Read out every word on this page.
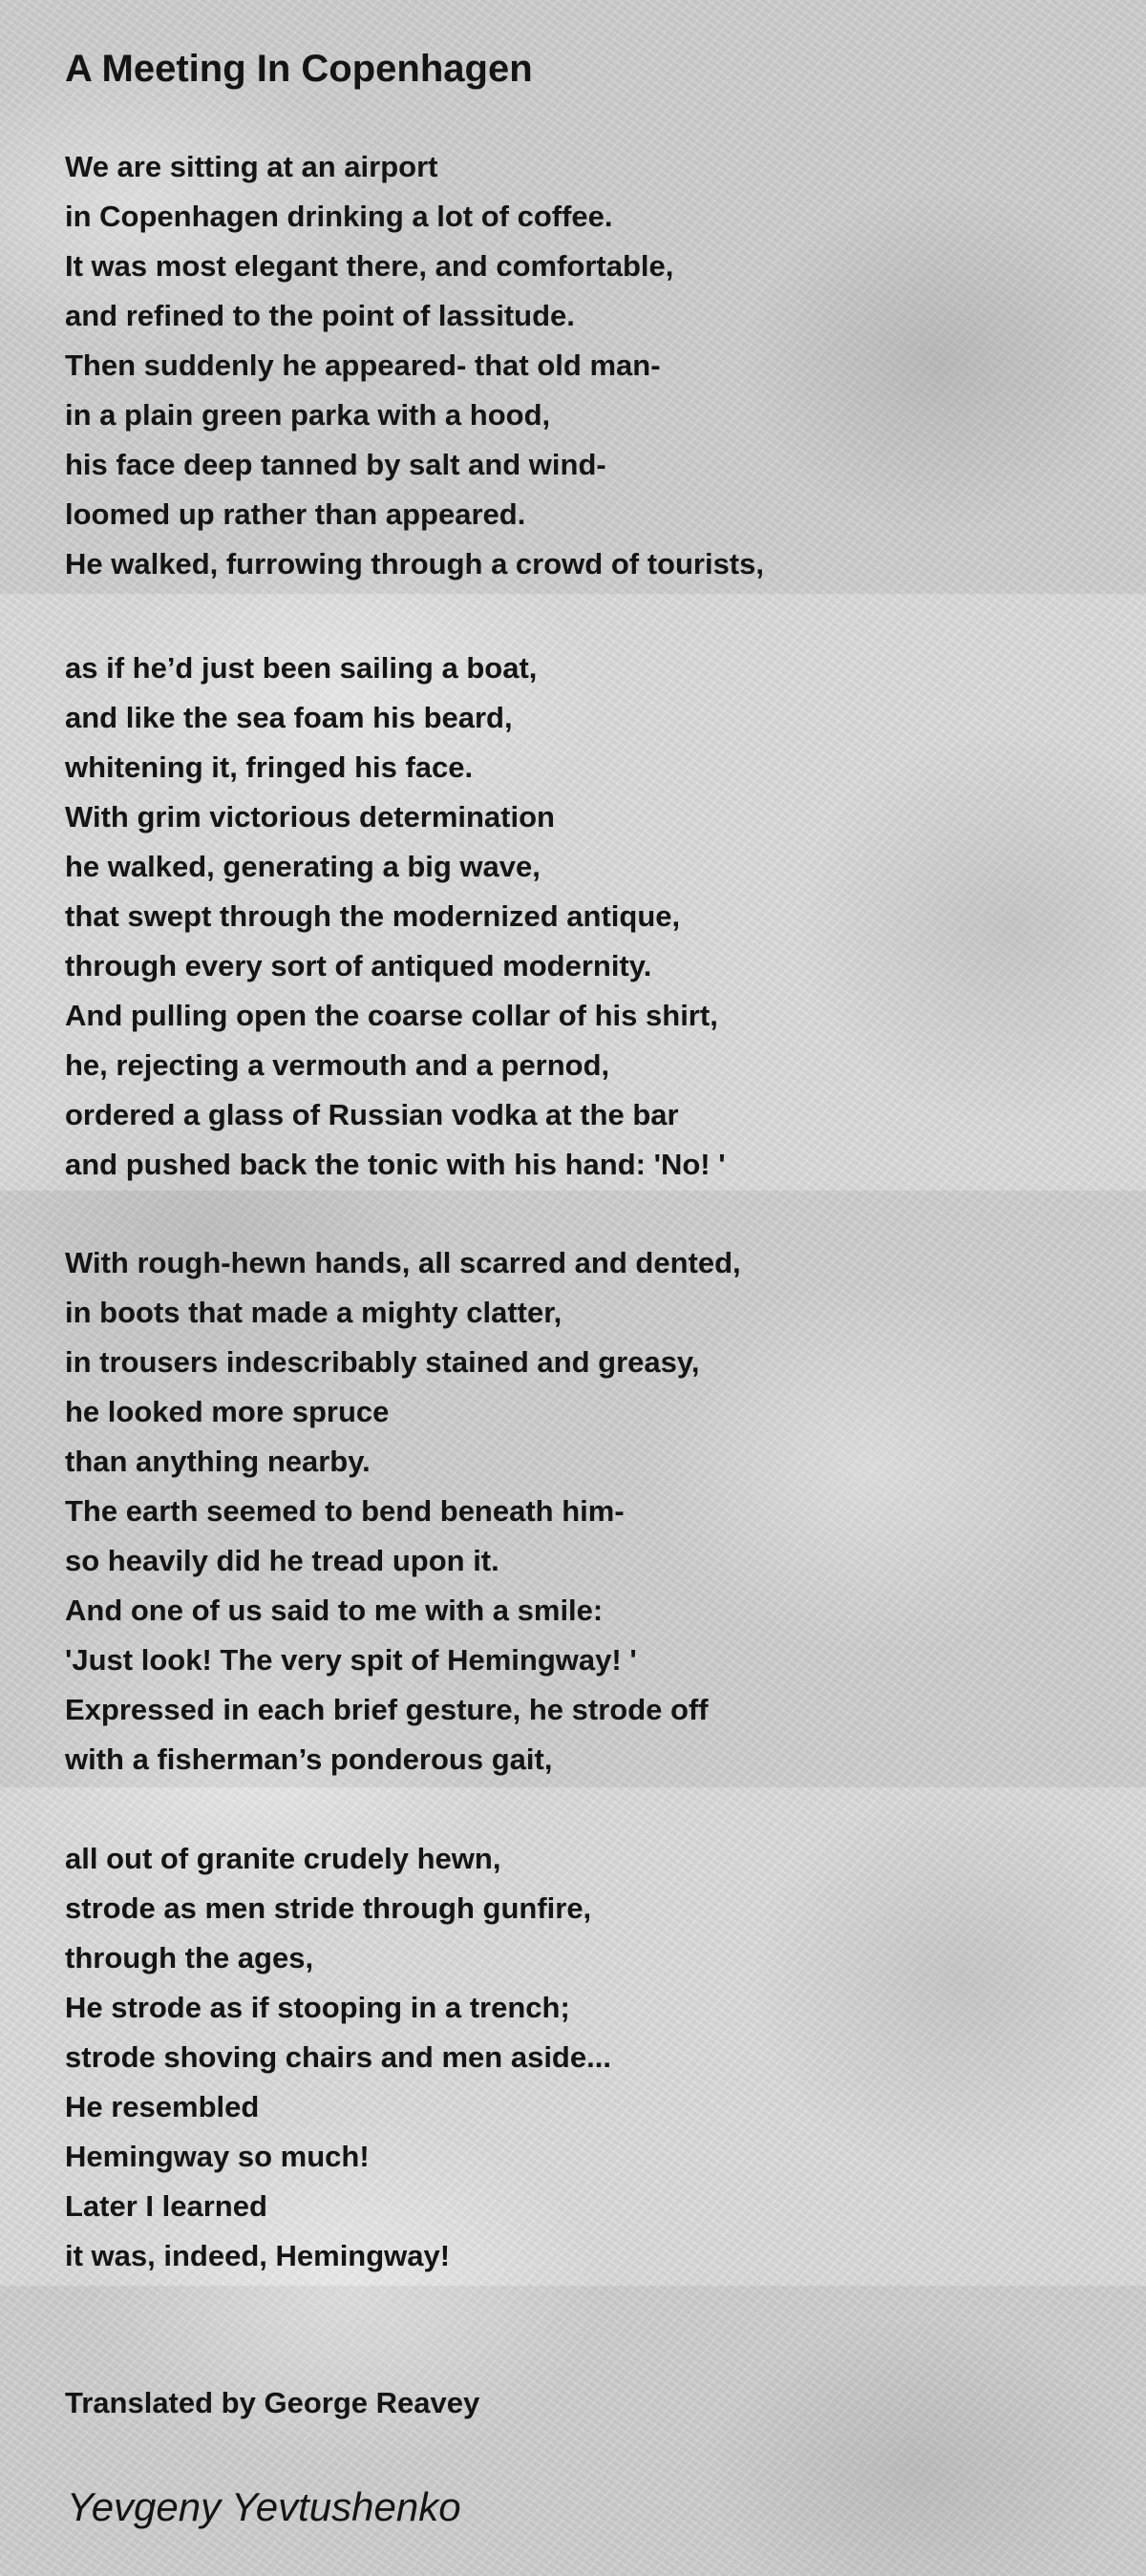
A Meeting In Copenhagen
We are sitting at an airport
in Copenhagen drinking a lot of coffee.
It was most elegant there, and comfortable,
and refined to the point of lassitude.
Then suddenly he appeared- that old man-
in a plain green parka with a hood,
his face deep tanned by salt and wind-
loomed up rather than appeared.
He walked, furrowing through a crowd of tourists,
as if he’d just been sailing a boat,
and like the sea foam his beard,
whitening it, fringed his face.
With grim victorious determination
he walked, generating a big wave,
that swept through the modernized antique,
through every sort of antiqued modernity.
And pulling open the coarse collar of his shirt,
he, rejecting a vermouth and a pernod,
ordered a glass of Russian vodka at the bar
and pushed back the tonic with his hand: 'No! '
With rough-hewn hands, all scarred and dented,
in boots that made a mighty clatter,
in trousers indescribably stained and greasy,
he looked more spruce
than anything nearby.
The earth seemed to bend beneath him-
so heavily did he tread upon it.
And one of us said to me with a smile:
'Just look! The very spit of Hemingway! '
Expressed in each brief gesture, he strode off
with a fisherman’s ponderous gait,
all out of granite crudely hewn,
strode as men stride through gunfire,
through the ages,
He strode as if stooping in a trench;
strode shoving chairs and men aside...
He resembled
Hemingway so much!
Later I learned
it was, indeed, Hemingway!

Translated by George Reavey

Yevgeny Yevtushenko
